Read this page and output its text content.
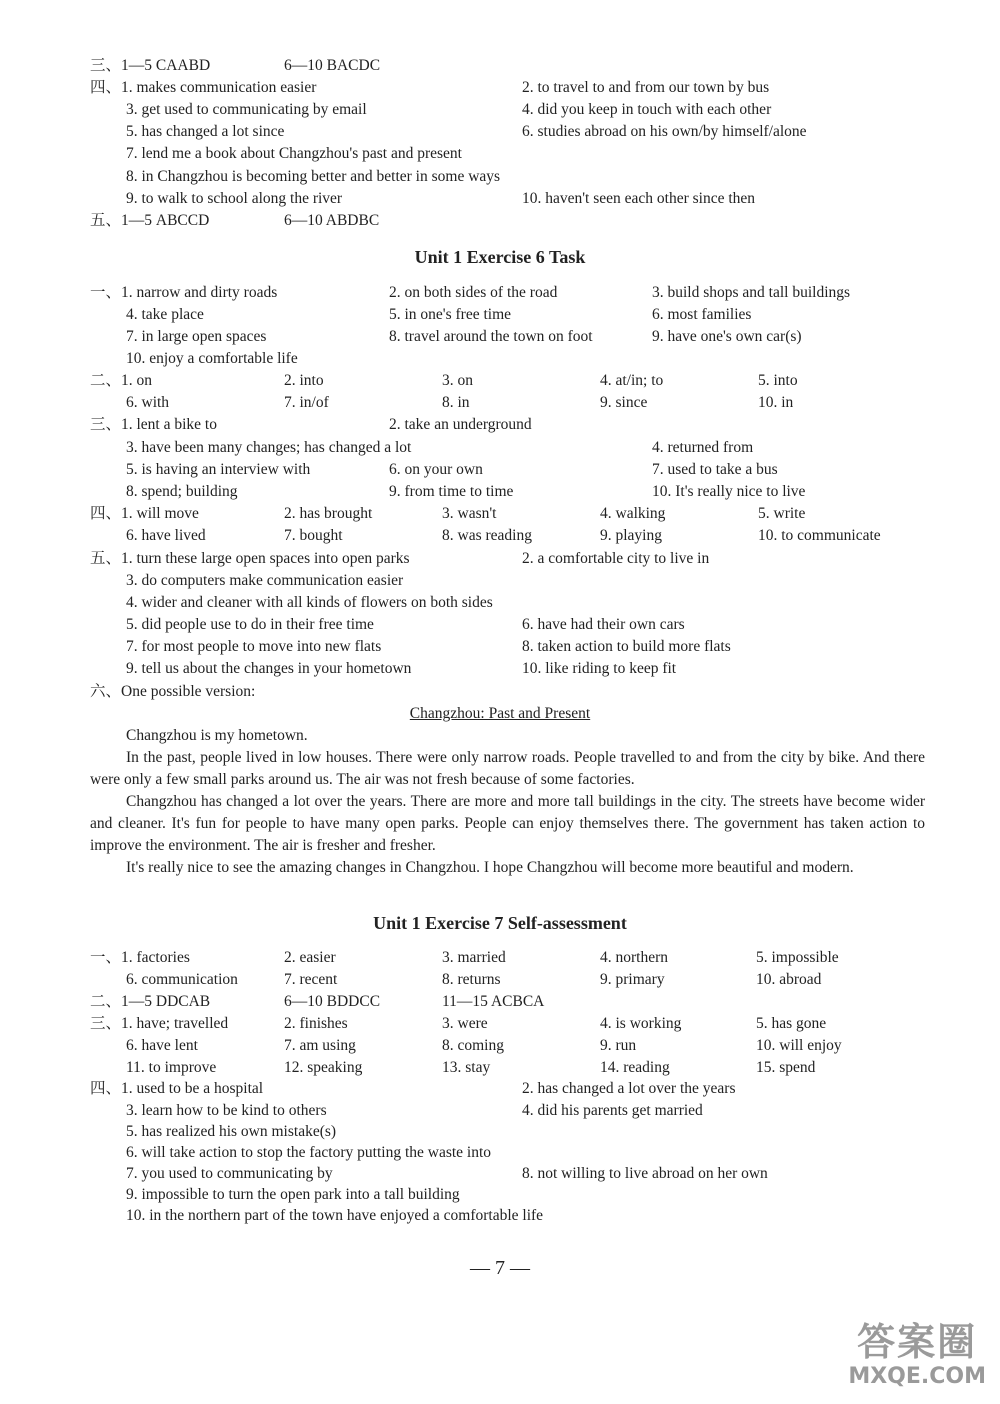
三、1—5 CAABD	6—10 BACDC
四、1. makes communication easier	2. to travel to and from our town by bus
3. get used to communicating by email	4. did you keep in touch with each other
5. has changed a lot since	6. studies abroad on his own/by himself/alone
7. lend me a book about Changzhou's past and present
8. in Changzhou is becoming better and better in some ways
9. to walk to school along the river	10. haven't seen each other since then
五、1—5 ABCCD	6—10 ABDBC
Unit 1 Exercise 6 Task
一、1. narrow and dirty roads	2. on both sides of the road	3. build shops and tall buildings
4. take place	5. in one's free time	6. most families
7. in large open spaces	8. travel around the town on foot	9. have one's own car(s)
10. enjoy a comfortable life
二、1. on	2. into	3. on	4. at/in; to	5. into
6. with	7. in/of	8. in	9. since	10. in
三、1. lent a bike to	2. take an underground
3. have been many changes; has changed a lot	4. returned from
5. is having an interview with	6. on your own	7. used to take a bus
8. spend; building	9. from time to time	10. It's really nice to live
四、1. will move	2. has brought	3. wasn't	4. walking	5. write
6. have lived	7. bought	8. was reading	9. playing	10. to communicate
五、1. turn these large open spaces into open parks	2. a comfortable city to live in
3. do computers make communication easier
4. wider and cleaner with all kinds of flowers on both sides
5. did people use to do in their free time	6. have had their own cars
7. for most people to move into new flats	8. taken action to build more flats
9. tell us about the changes in your hometown	10. like riding to keep fit
六、One possible version:
Changzhou: Past and Present
Changzhou is my hometown.
In the past, people lived in low houses. There were only narrow roads. People travelled to and from the city by bike. And there were only a few small parks around us. The air was not fresh because of some factories.
Changzhou has changed a lot over the years. There are more and more tall buildings in the city. The streets have become wider and cleaner. It's fun for people to have many open parks. People can enjoy themselves there. The government has taken action to improve the environment. The air is fresher and fresher.
It's really nice to see the amazing changes in Changzhou. I hope Changzhou will become more beautiful and modern.
Unit 1 Exercise 7 Self-assessment
一、1. factories	2. easier	3. married	4. northern	5. impossible
6. communication	7. recent	8. returns	9. primary	10. abroad
二、1—5 DDCAB	6—10 BDDCC	11—15 ACBCA
三、1. have; travelled	2. finishes	3. were	4. is working	5. has gone
6. have lent	7. am using	8. coming	9. run	10. will enjoy
11. to improve	12. speaking	13. stay	14. reading	15. spend
四、1. used to be a hospital	2. has changed a lot over the years
3. learn how to be kind to others	4. did his parents get married
5. has realized his own mistake(s)
6. will take action to stop the factory putting the waste into
7. you used to communicating by	8. not willing to live abroad on her own
9. impossible to turn the open park into a tall building
10. in the northern part of the town have enjoyed a comfortable life
— 7 —
答案圈
MXQE.COM
